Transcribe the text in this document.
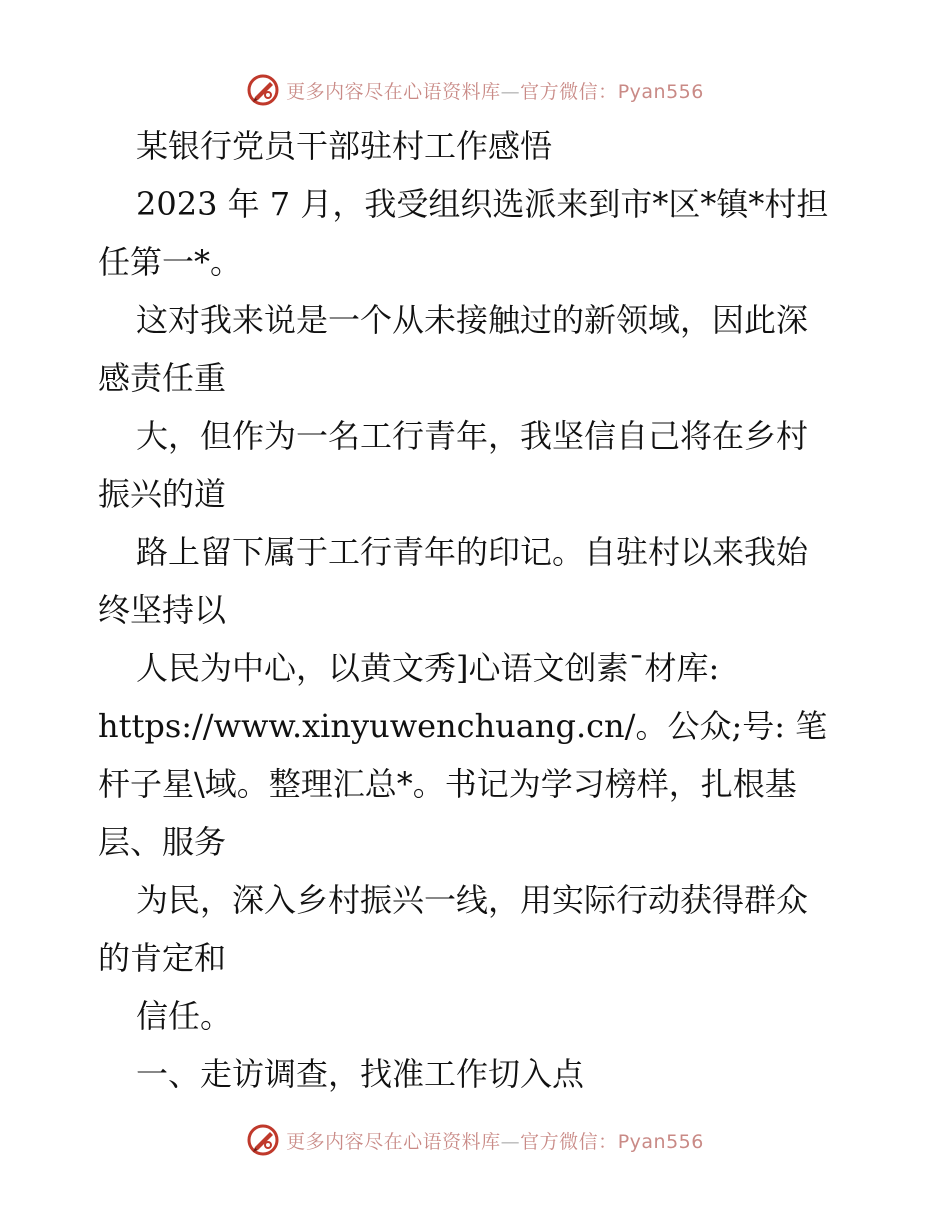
更多内容尽在心语资料库—官方微信：Pyan556
某银行党员干部驻村工作感悟
2023 年 7 月，我受组织选派来到市*区*镇*村担
任第一*。
这对我来说是一个从未接触过的新领域，因此深
感责任重
大，但作为一名工行青年，我坚信自己将在乡村
振兴的道
路上留下属于工行青年的印记。自驻村以来我始
终坚持以
人民为中心，以黄文秀]心语文创素¯材库:
https://www.xinyuwenchuang.cn/。公众;号: 笔
杆子星\域。整理汇总*。书记为学习榜样，扎根基
层、服务
为民，深入乡村振兴一线，用实际行动获得群众
的肯定和
信任。
一、走访调查，找准工作切入点
更多内容尽在心语资料库—官方微信：Pyan556
